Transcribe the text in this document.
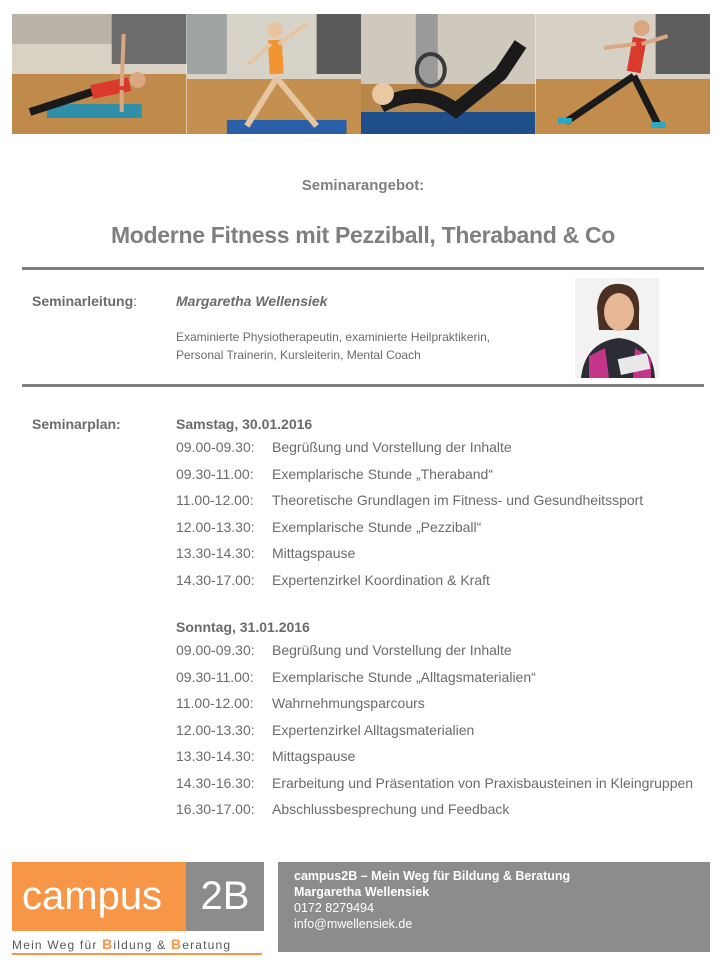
Seminarangebot:
Moderne Fitness mit Pezziball, Theraband & Co
Seminarleitung:	Margaretha Wellensiek
Examinierte Physiotherapeutin, examinierte Heilpraktikerin,
Personal Trainerin, Kursleiterin, Mental Coach
Seminarplan:	Samstag, 30.01.2016
09.00-09.30:	Begrüßung und Vorstellung der Inhalte
09.30-11.00:	Exemplarische Stunde „Theraband“
11.00-12.00:	Theoretische Grundlagen im Fitness- und Gesundheitssport
12.00-13.30:	Exemplarische Stunde „Pezziball“
13.30-14.30:	Mittagspause
14.30-17.00:	Expertenzirkel Koordination & Kraft
Sonntag, 31.01.2016
09.00-09.30:	Begrüßung und Vorstellung der Inhalte
09.30-11.00:	Exemplarische Stunde „Alltagsmaterialien“
11.00-12.00:	Wahrnehmungsparcours
12.00-13.30:	Expertenzirkel Alltagsmaterialien
13.30-14.30:	Mittagspause
14.30-16.30:	Erarbeitung und Präsentation von Praxisbausteinen in Kleingruppen
16.30-17.00:	Abschlussbesprechung und Feedback
campus 2B
Mein Weg für Bildung & Beratung
campus2B – Mein Weg für Bildung & Beratung
Margaretha Wellensiek
0172 8279494
info@mwellensiek.de
